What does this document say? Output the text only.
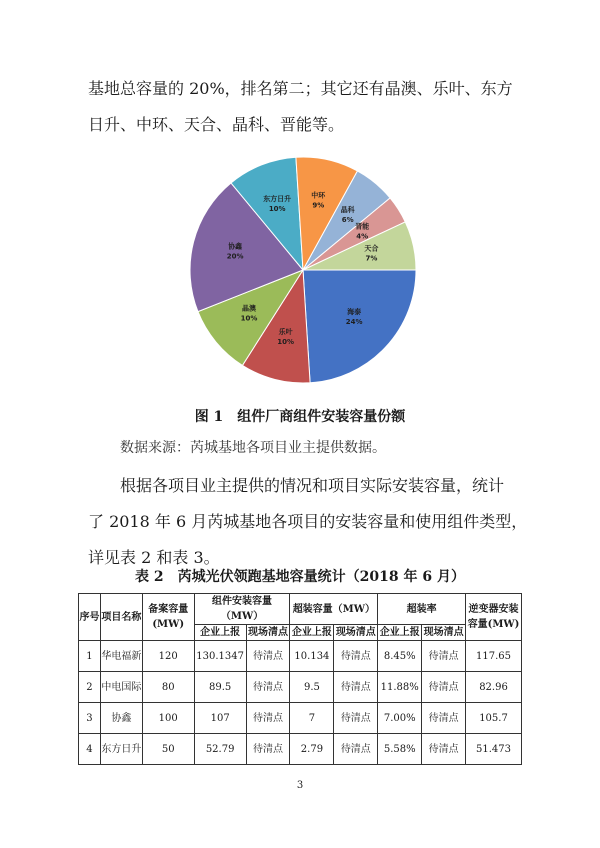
基地总容量的 20%，排名第二；其它还有晶澳、乐叶、东方
日升、中环、天合、晶科、晋能等。
海泰
24%
乐叶
10%
晶澳
10%
协鑫
20%
东方日升
10%
中环
9%
晶科
6%
晋能
4%
天合
7%

图 1　组件厂商组件安装容量份额

数据来源：芮城基地各项目业主提供数据。

根据各项目业主提供的情况和项目实际安装容量，统计
了 2018 年 6 月芮城基地各项目的安装容量和使用组件类型，
详见表 2 和表 3。

表 2　芮城光伏领跑基地容量统计（2018 年 6 月）

序号	项目名称	备案容量(MW)	组件安装容量（MW）		超装容量（MW）		超装率		逆变器安装容量(MW)
			企业上报	现场清点	企业上报	现场清点	企业上报	现场清点	
1	华电福新	120	130.1347	待清点	10.134	待清点	8.45%	待清点	117.65
2	中电国际	80	89.5	待清点	9.5	待清点	11.88%	待清点	82.96
3	协鑫	100	107	待清点	7	待清点	7.00%	待清点	105.7
4	东方日升	50	52.79	待清点	2.79	待清点	5.58%	待清点	51.473

3
